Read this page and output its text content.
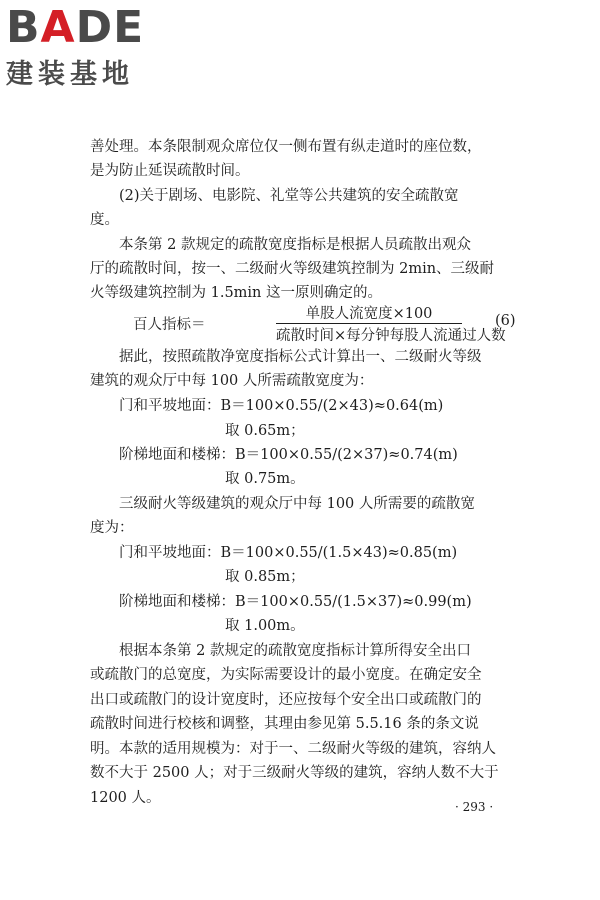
BADE
建装基地
善处理。本条限制观众席位仅一侧布置有纵走道时的座位数，
是为防止延误疏散时间。
(2)关于剧场、电影院、礼堂等公共建筑的安全疏散宽
度。
本条第 2 款规定的疏散宽度指标是根据人员疏散出观众
厅的疏散时间，按一、二级耐火等级建筑控制为 2min、三级耐
火等级建筑控制为 1.5min 这一原则确定的。
百人指标＝
单股人流宽度×100
疏散时间×每分钟每股人流通过人数
(6)
据此，按照疏散净宽度指标公式计算出一、二级耐火等级
建筑的观众厅中每 100 人所需疏散宽度为：
门和平坡地面：B＝100×0.55/(2×43)≈0.64(m)
取 0.65m；
阶梯地面和楼梯：B＝100×0.55/(2×37)≈0.74(m)
取 0.75m。
三级耐火等级建筑的观众厅中每 100 人所需要的疏散宽
度为：
门和平坡地面：B＝100×0.55/(1.5×43)≈0.85(m)
取 0.85m；
阶梯地面和楼梯：B＝100×0.55/(1.5×37)≈0.99(m)
取 1.00m。
根据本条第 2 款规定的疏散宽度指标计算所得安全出口
或疏散门的总宽度，为实际需要设计的最小宽度。在确定安全
出口或疏散门的设计宽度时，还应按每个安全出口或疏散门的
疏散时间进行校核和调整，其理由参见第 5.5.16 条的条文说
明。本款的适用规模为：对于一、二级耐火等级的建筑，容纳人
数不大于 2500 人；对于三级耐火等级的建筑，容纳人数不大于
1200 人。
· 293 ·
